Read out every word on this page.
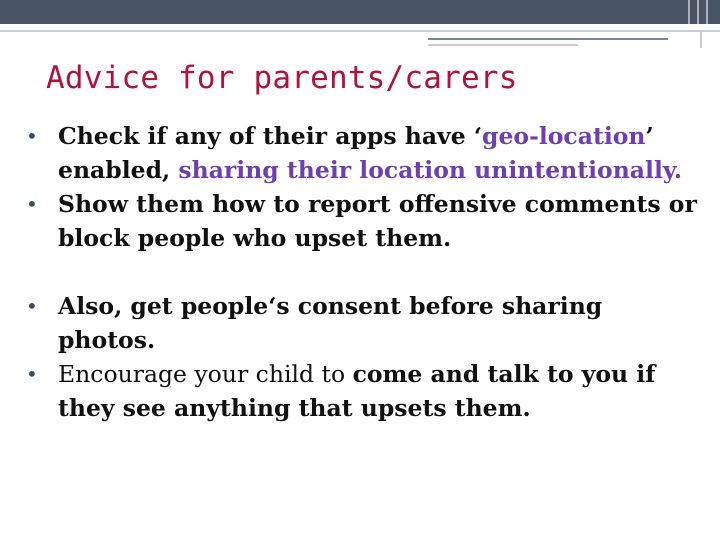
Advice for parents/carers
• Check if any of their apps have ‘geo-location’ enabled, sharing their location unintentionally.
• Show them how to report offensive comments or block people who upset them.
• Also, get people‘s consent before sharing photos.
• Encourage your child to come and talk to you if they see anything that upsets them.
